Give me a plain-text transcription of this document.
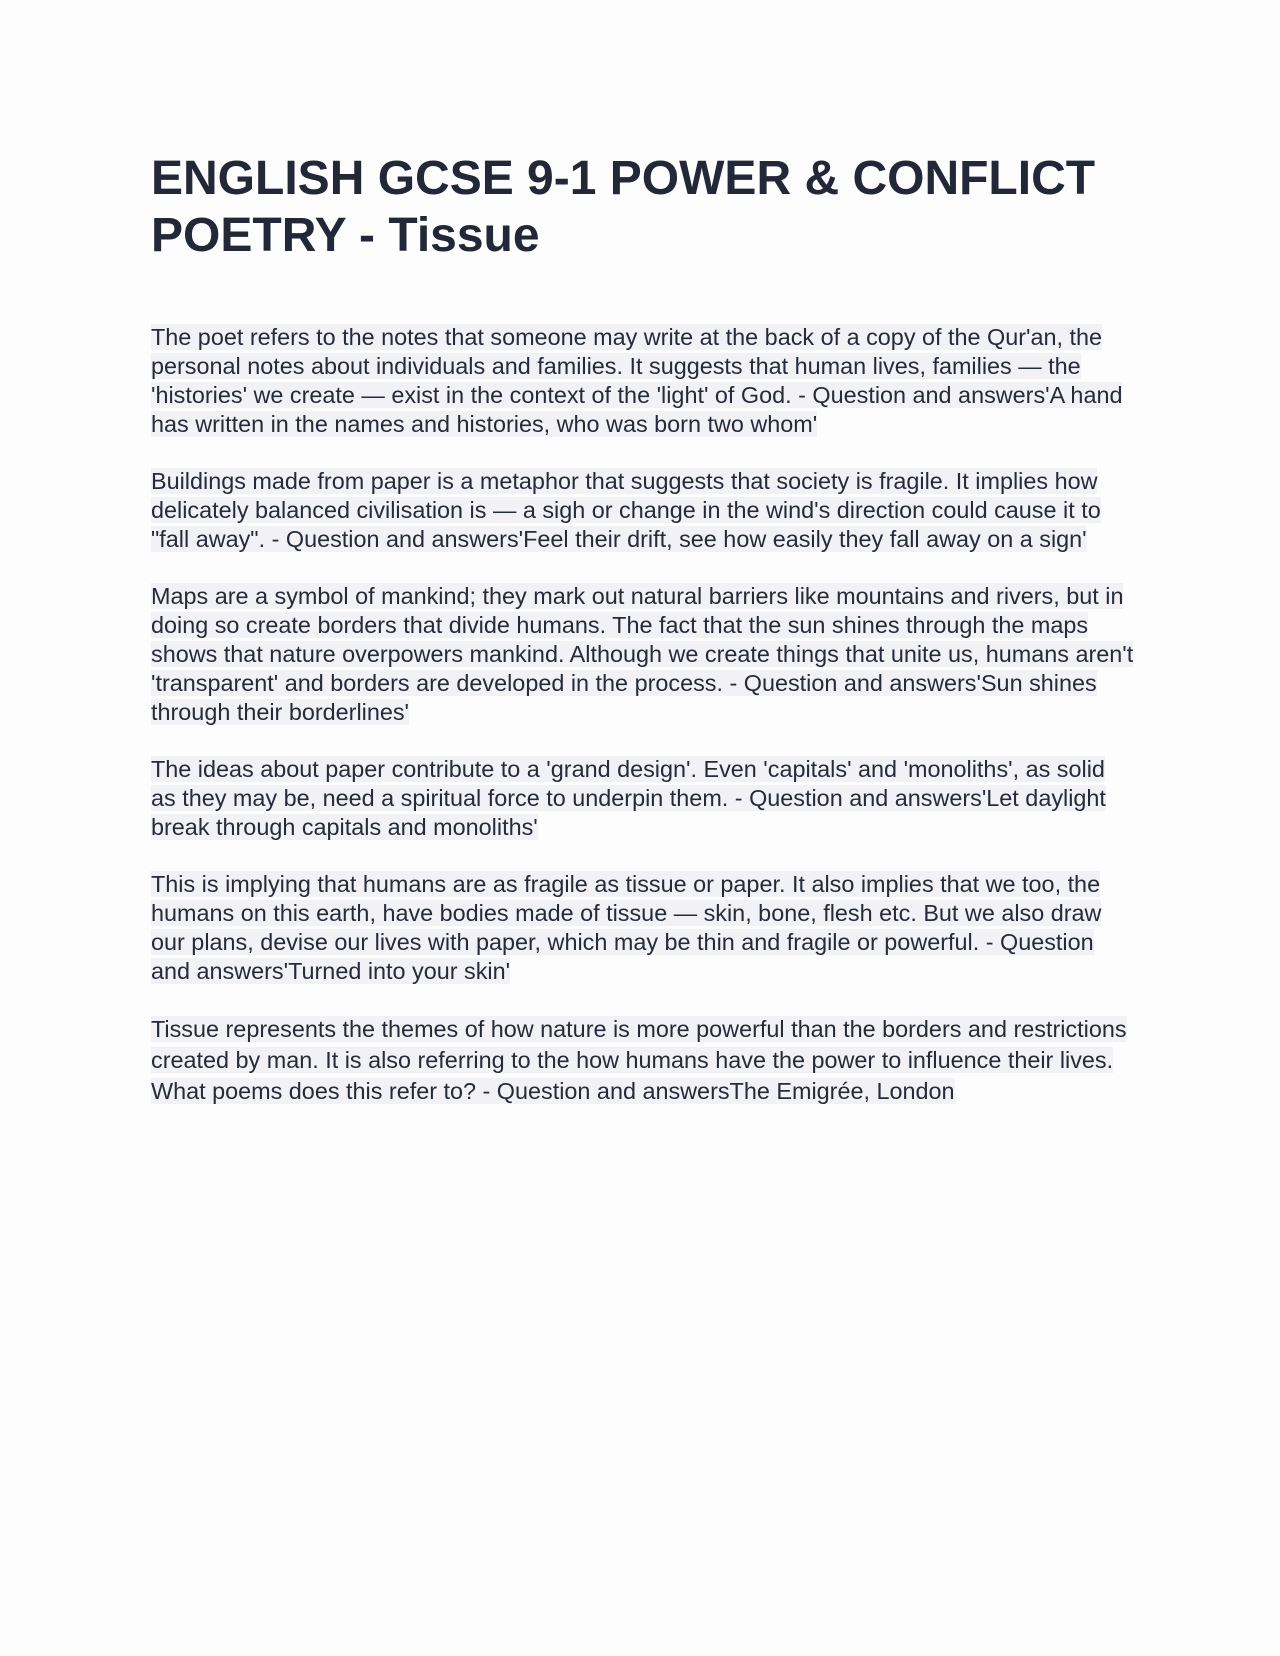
ENGLISH GCSE 9-1 POWER & CONFLICT POETRY - Tissue

The poet refers to the notes that someone may write at the back of a copy of the Qur'an, the personal notes about individuals and families. It suggests that human lives, families — the 'histories' we create — exist in the context of the 'light' of God. - Question and answers'A hand has written in the names and histories, who was born two whom'

Buildings made from paper is a metaphor that suggests that society is fragile. It implies how delicately balanced civilisation is — a sigh or change in the wind's direction could cause it to "fall away". - Question and answers'Feel their drift, see how easily they fall away on a sign'

Maps are a symbol of mankind; they mark out natural barriers like mountains and rivers, but in doing so create borders that divide humans. The fact that the sun shines through the maps shows that nature overpowers mankind. Although we create things that unite us, humans aren't 'transparent' and borders are developed in the process. - Question and answers'Sun shines through their borderlines'

The ideas about paper contribute to a 'grand design'. Even 'capitals' and 'monoliths', as solid as they may be, need a spiritual force to underpin them. - Question and answers'Let daylight break through capitals and monoliths'

This is implying that humans are as fragile as tissue or paper. It also implies that we too, the humans on this earth, have bodies made of tissue — skin, bone, flesh etc. But we also draw our plans, devise our lives with paper, which may be thin and fragile or powerful. - Question and answers'Turned into your skin'

Tissue represents the themes of how nature is more powerful than the borders and restrictions created by man. It is also referring to the how humans have the power to influence their lives. What poems does this refer to? - Question and answersThe Emigrée, London
